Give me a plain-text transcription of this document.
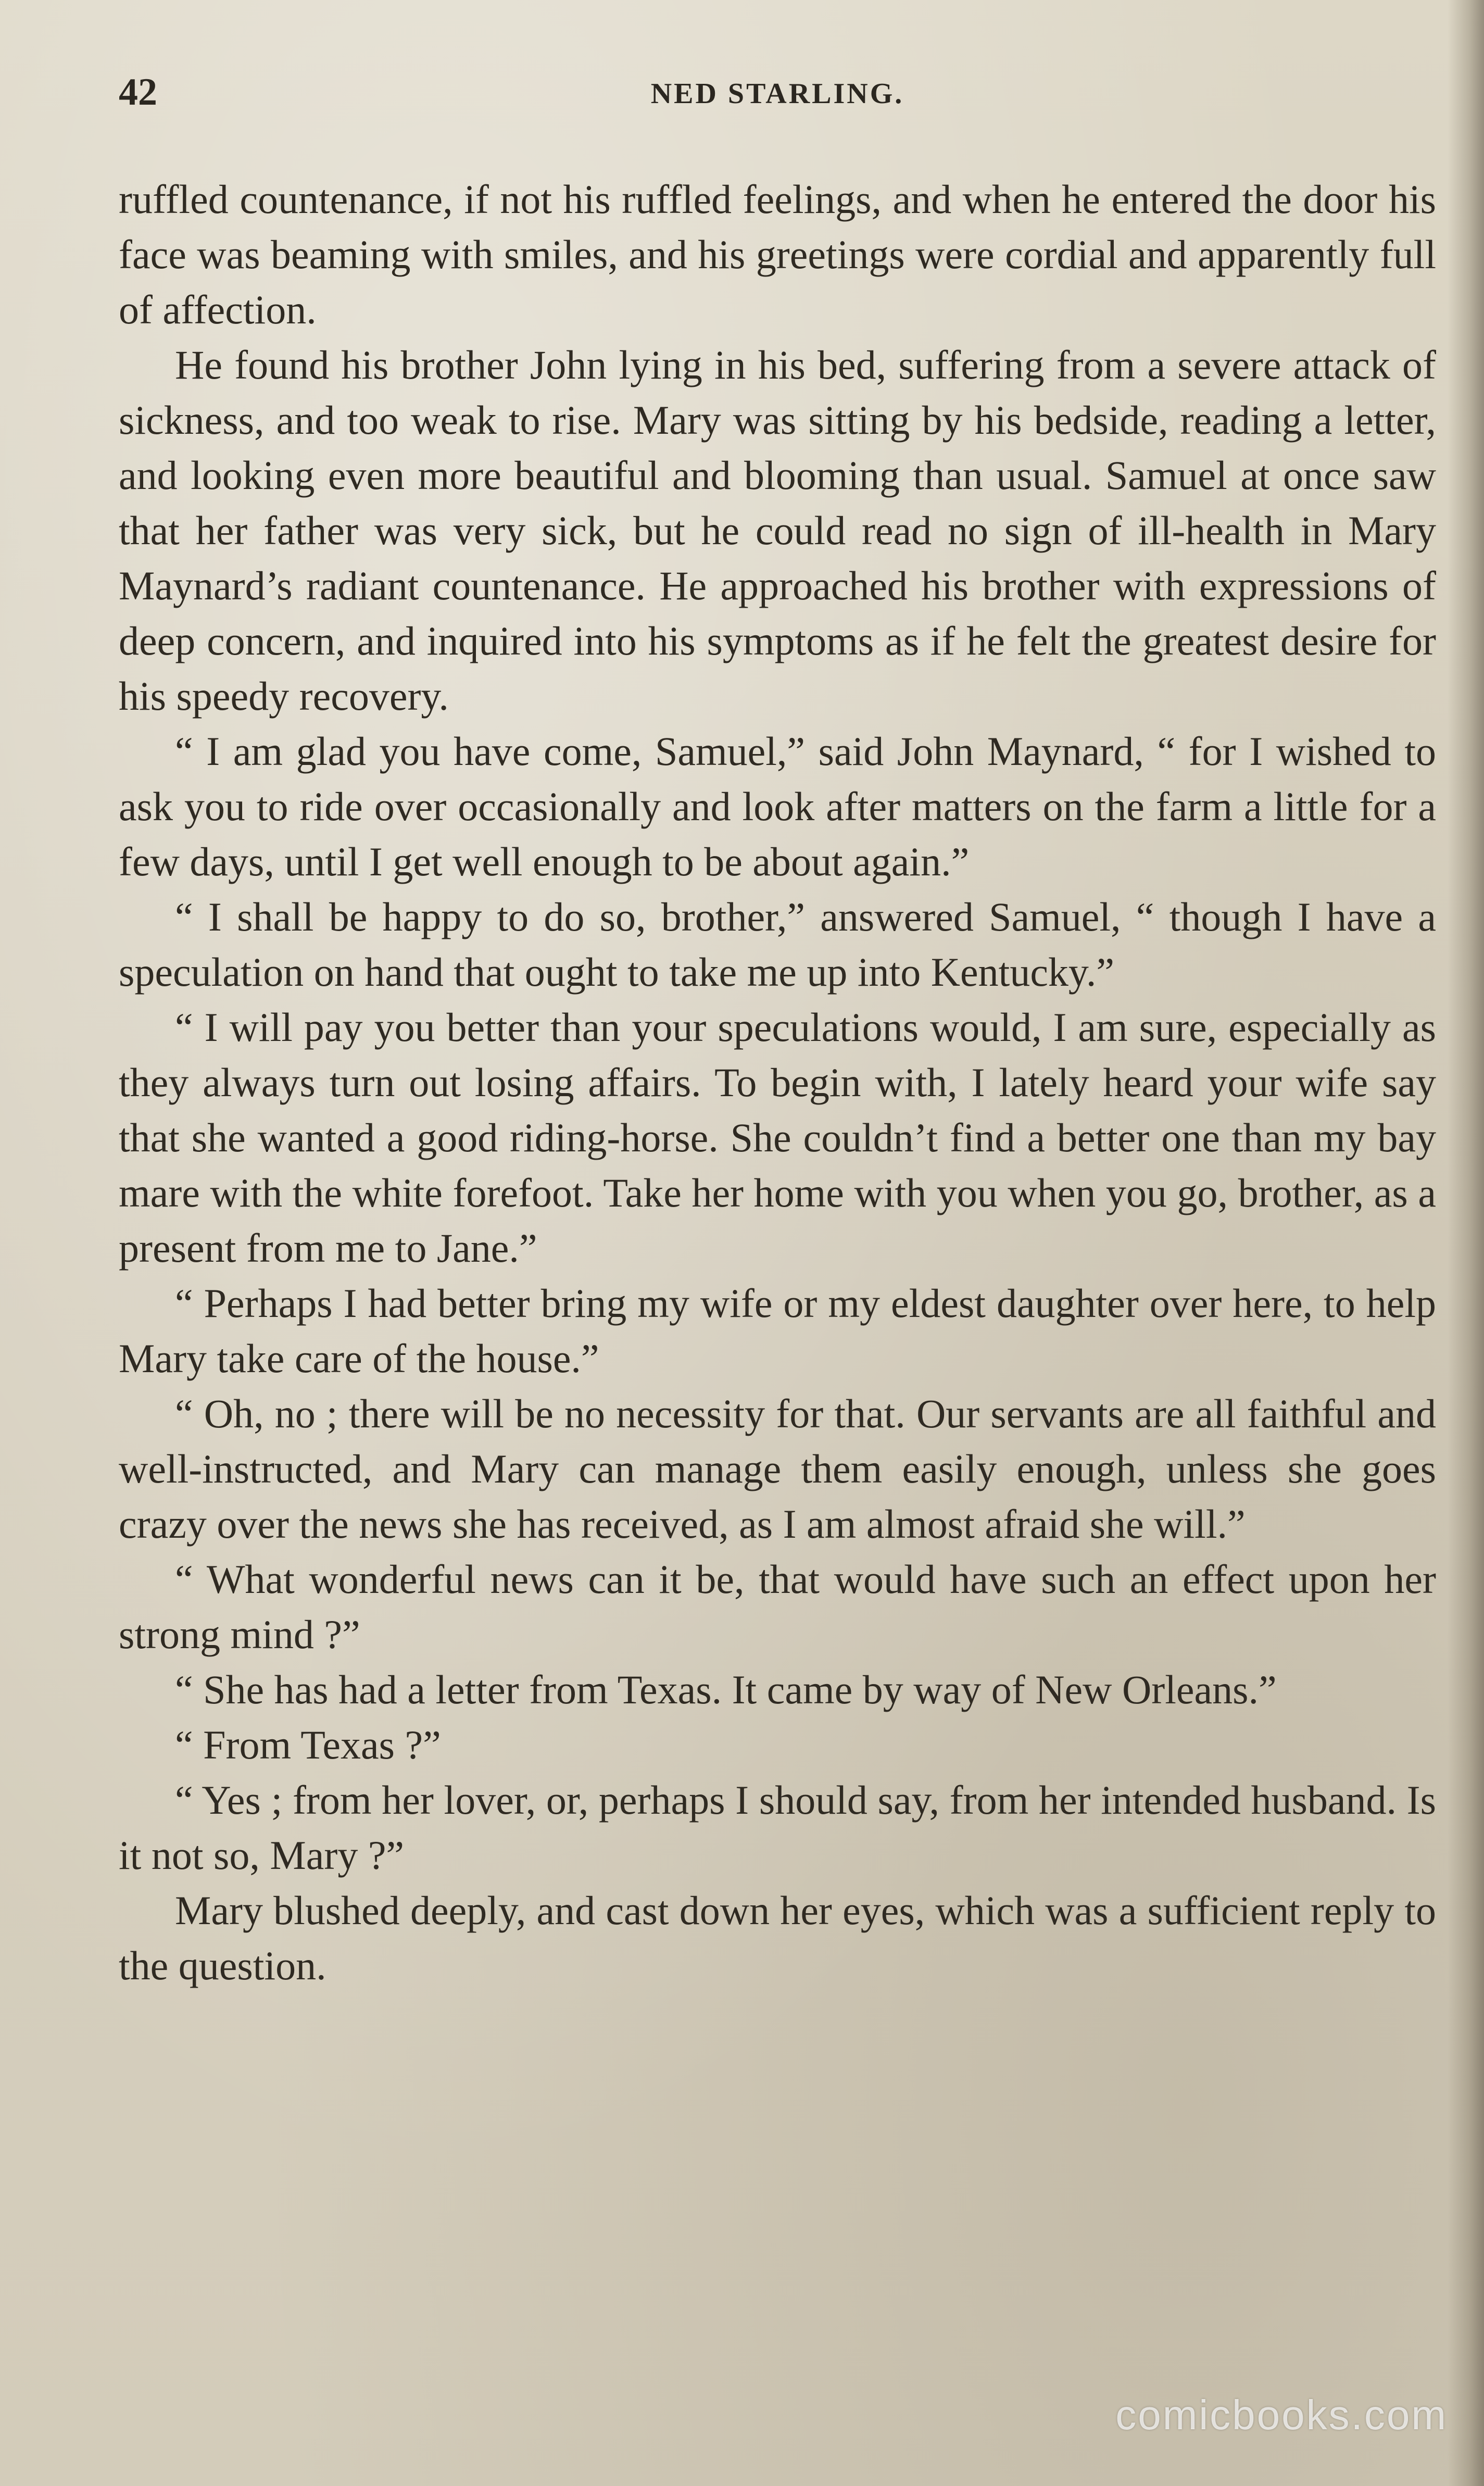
42	NED STARLING.

ruffled countenance, if not his ruffled feelings, and when he entered the door his face was beaming with smiles, and his greetings were cordial and apparently full of affection.

He found his brother John lying in his bed, suffering from a severe attack of sickness, and too weak to rise. Mary was sitting by his bedside, reading a letter, and looking even more beautiful and blooming than usual. Samuel at once saw that her father was very sick, but he could read no sign of ill-health in Mary Maynard’s radiant countenance. He approached his brother with expressions of deep concern, and inquired into his symptoms as if he felt the greatest desire for his speedy recovery.

“ I am glad you have come, Samuel,” said John Maynard, “ for I wished to ask you to ride over occasionally and look after matters on the farm a little for a few days, until I get well enough to be about again.”

“ I shall be happy to do so, brother,” answered Samuel, “ though I have a speculation on hand that ought to take me up into Kentucky.”

“ I will pay you better than your speculations would, I am sure, especially as they always turn out losing affairs. To begin with, I lately heard your wife say that she wanted a good riding-horse. She couldn’t find a better one than my bay mare with the white forefoot. Take her home with you when you go, brother, as a present from me to Jane.”

“ Perhaps I had better bring my wife or my eldest daughter over here, to help Mary take care of the house.”

“ Oh, no ; there will be no necessity for that. Our servants are all faithful and well-instructed, and Mary can manage them easily enough, unless she goes crazy over the news she has received, as I am almost afraid she will.”

“ What wonderful news can it be, that would have such an effect upon her strong mind ?”

“ She has had a letter from Texas. It came by way of New Orleans.”

“ From Texas ?”

“ Yes ; from her lover, or, perhaps I should say, from her intended husband. Is it not so, Mary ?”

Mary blushed deeply, and cast down her eyes, which was a sufficient reply to the question.

comicbooks.com
